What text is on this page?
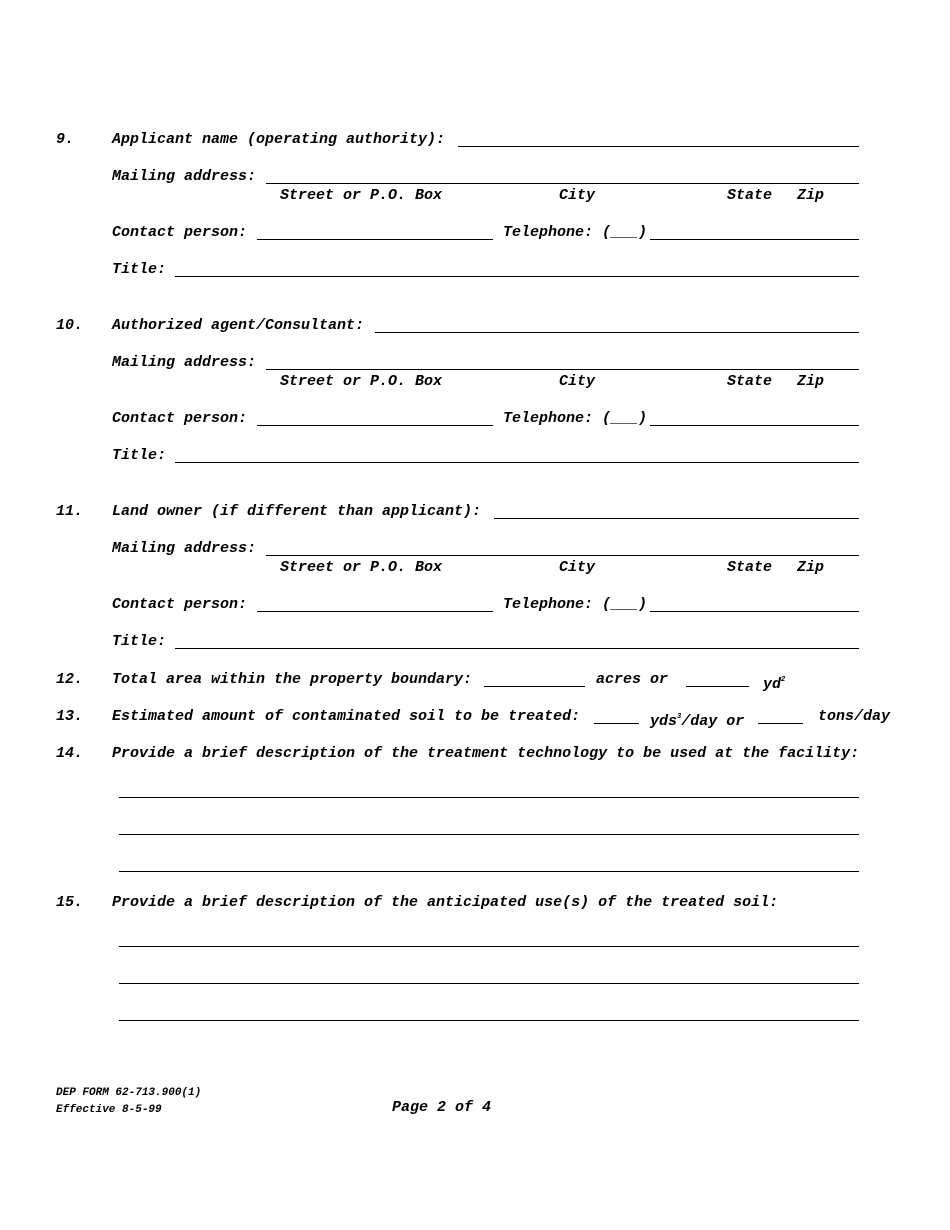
9.	Applicant name (operating authority):
Mailing address:
Street or P.O. Box	City	State Zip
Contact person:	Telephone: (___)
Title:
10. Authorized agent/Consultant:
Mailing address:
Street or P.O. Box	City	State Zip
Contact person:	Telephone: (___)
Title:
11. Land owner (if different than applicant):
Mailing address:
Street or P.O. Box	City	State Zip
Contact person:	Telephone: (___)
Title:
12. Total area within the property boundary:	acres or	$yd^2$
13. Estimated amount of contaminated soil to be treated:	yds$^3$/day or	tons/day
14. Provide a brief description of the treatment technology to be used at the facility:
15. Provide a brief description of the anticipated use(s) of the treated soil:
DEP FORM 62-713.900(1)
Effective 8-5-99	Page 2 of 4
